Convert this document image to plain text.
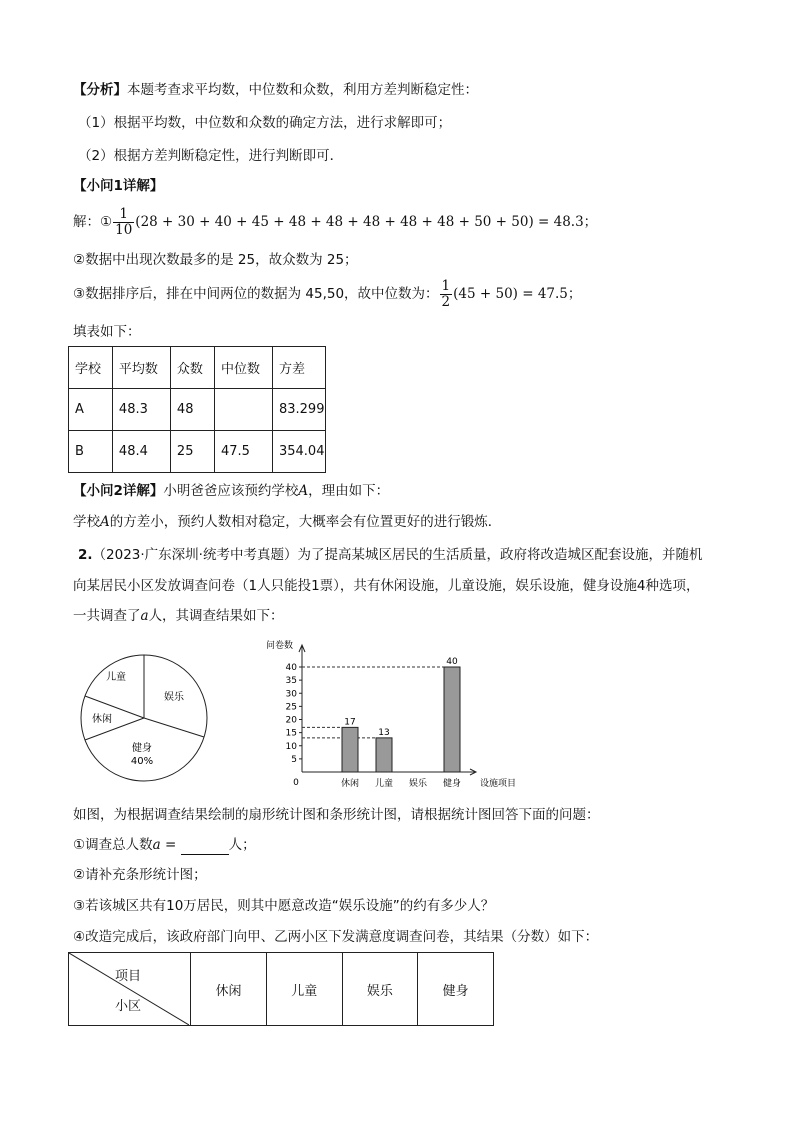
【分析】本题考查求平均数，中位数和众数，利用方差判断稳定性：
（1）根据平均数，中位数和众数的确定方法，进行求解即可；
（2）根据方差判断稳定性，进行判断即可．
【小问1详解】
解：① $\frac{1}{10} (28 + 30 + 40 + 45 + 48 + 48 + 48 + 48 + 48 + 50 + 50) = 48.3$；
②数据中出现次数最多的是 25，故众数为 25；
③数据排序后，排在中间两位的数据为 45,50，故中位数为： $\frac{1}{2} (45 + 50) = 47.5$；
填表如下：
学校	平均数	众数	中位数	方差
A	48.3	48		83.299
B	48.4	25	47.5	354.04
【小问2详解】小明爸爸应该预约学校A，理由如下：
学校A的方差小，预约人数相对稳定，大概率会有位置更好的进行锻炼．
2.（2023·广东深圳·统考中考真题）为了提高某城区居民的生活质量，政府将改造城区配套设施，并随机
向某居民小区发放调查问卷（1人只能投1票），共有休闲设施，儿童设施，娱乐设施，健身设施4种选项，
一共调查了a人，其调查结果如下：
儿童
娱乐
休闲
健身
40%
问卷数
设施项目
0
5
10
15
20
25
30
35
40
17
休闲
13
儿童 娱乐
40
健身
如图，为根据调查结果绘制的扇形统计图和条形统计图，请根据统计图回答下面的问题：
①调查总人数a =	人；
②请补充条形统计图；
③若该城区共有10万居民，则其中愿意改造“娱乐设施”的约有多少人？
④改造完成后，该政府部门向甲、乙两小区下发满意度调查问卷，其结果（分数）如下：
项目
小区
	休闲	儿童	娱乐	健身
